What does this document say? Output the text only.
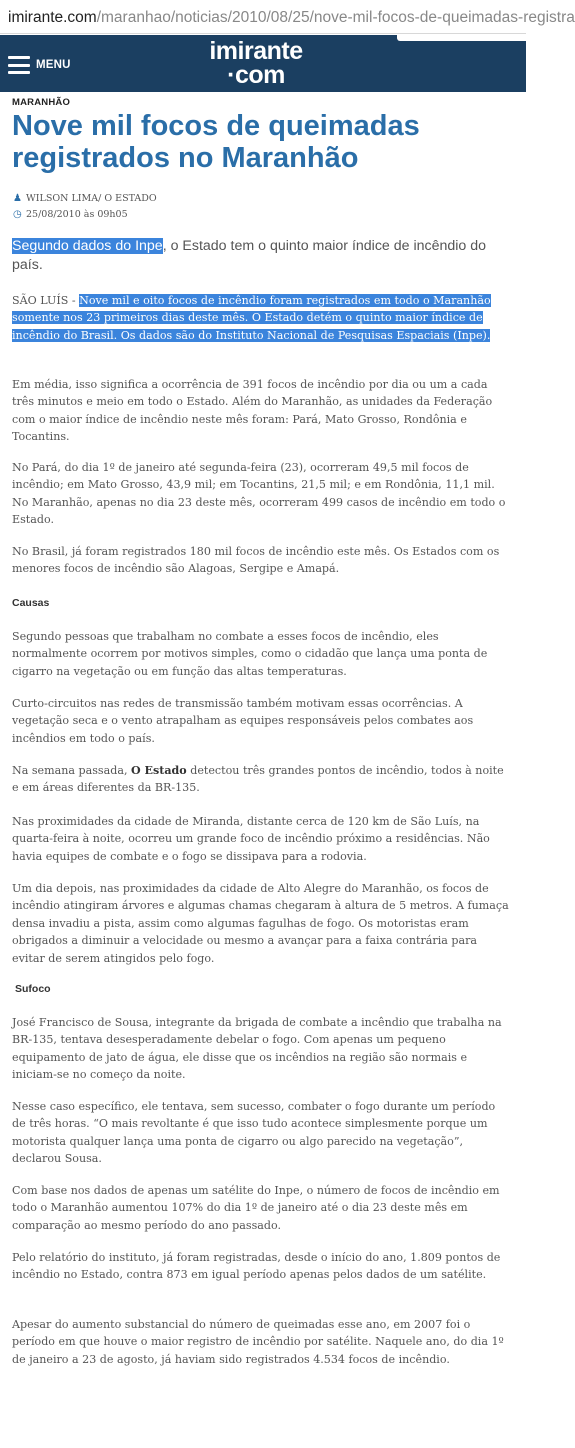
imirante.com/maranhao/noticias/2010/08/25/nove-mil-focos-de-queimadas-registra
MENU	imirante
·com
MARANHÃO
Nove mil focos de queimadas registrados no Maranhão
♟ WILSON LIMA/ O ESTADO
◷ 25/08/2010 às 09h05

Segundo dados do Inpe, o Estado tem o quinto maior índice de incêndio do país.

SÃO LUÍS - Nove mil e oito focos de incêndio foram registrados em todo o Maranhão somente nos 23 primeiros dias deste mês. O Estado detém o quinto maior índice de incêndio do Brasil. Os dados são do Instituto Nacional de Pesquisas Espaciais (Inpe).

Em média, isso significa a ocorrência de 391 focos de incêndio por dia ou um a cada três minutos e meio em todo o Estado. Além do Maranhão, as unidades da Federação com o maior índice de incêndio neste mês foram: Pará, Mato Grosso, Rondônia e Tocantins.

No Pará, do dia 1º de janeiro até segunda-feira (23), ocorreram 49,5 mil focos de incêndio; em Mato Grosso, 43,9 mil; em Tocantins, 21,5 mil; e em Rondônia, 11,1 mil. No Maranhão, apenas no dia 23 deste mês, ocorreram 499 casos de incêndio em todo o Estado.

No Brasil, já foram registrados 180 mil focos de incêndio este mês. Os Estados com os menores focos de incêndio são Alagoas, Sergipe e Amapá.

Causas

Segundo pessoas que trabalham no combate a esses focos de incêndio, eles normalmente ocorrem por motivos simples, como o cidadão que lança uma ponta de cigarro na vegetação ou em função das altas temperaturas.

Curto-circuitos nas redes de transmissão também motivam essas ocorrências. A vegetação seca e o vento atrapalham as equipes responsáveis pelos combates aos incêndios em todo o país.

Na semana passada, O Estado detectou três grandes pontos de incêndio, todos à noite e em áreas diferentes da BR-135.

Nas proximidades da cidade de Miranda, distante cerca de 120 km de São Luís, na quarta-feira à noite, ocorreu um grande foco de incêndio próximo a residências. Não havia equipes de combate e o fogo se dissipava para a rodovia.

Um dia depois, nas proximidades da cidade de Alto Alegre do Maranhão, os focos de incêndio atingiram árvores e algumas chamas chegaram à altura de 5 metros. A fumaça densa invadiu a pista, assim como algumas fagulhas de fogo. Os motoristas eram obrigados a diminuir a velocidade ou mesmo a avançar para a faixa contrária para evitar de serem atingidos pelo fogo.

Sufoco

José Francisco de Sousa, integrante da brigada de combate a incêndio que trabalha na BR-135, tentava desesperadamente debelar o fogo. Com apenas um pequeno equipamento de jato de água, ele disse que os incêndios na região são normais e iniciam-se no começo da noite.

Nesse caso específico, ele tentava, sem sucesso, combater o fogo durante um período de três horas. “O mais revoltante é que isso tudo acontece simplesmente porque um motorista qualquer lança uma ponta de cigarro ou algo parecido na vegetação”, declarou Sousa.

Com base nos dados de apenas um satélite do Inpe, o número de focos de incêndio em todo o Maranhão aumentou 107% do dia 1º de janeiro até o dia 23 deste mês em comparação ao mesmo período do ano passado.

Pelo relatório do instituto, já foram registradas, desde o início do ano, 1.809 pontos de incêndio no Estado, contra 873 em igual período apenas pelos dados de um satélite.

Apesar do aumento substancial do número de queimadas esse ano, em 2007 foi o período em que houve o maior registro de incêndio por satélite. Naquele ano, do dia 1º de janeiro a 23 de agosto, já haviam sido registrados 4.534 focos de incêndio.
